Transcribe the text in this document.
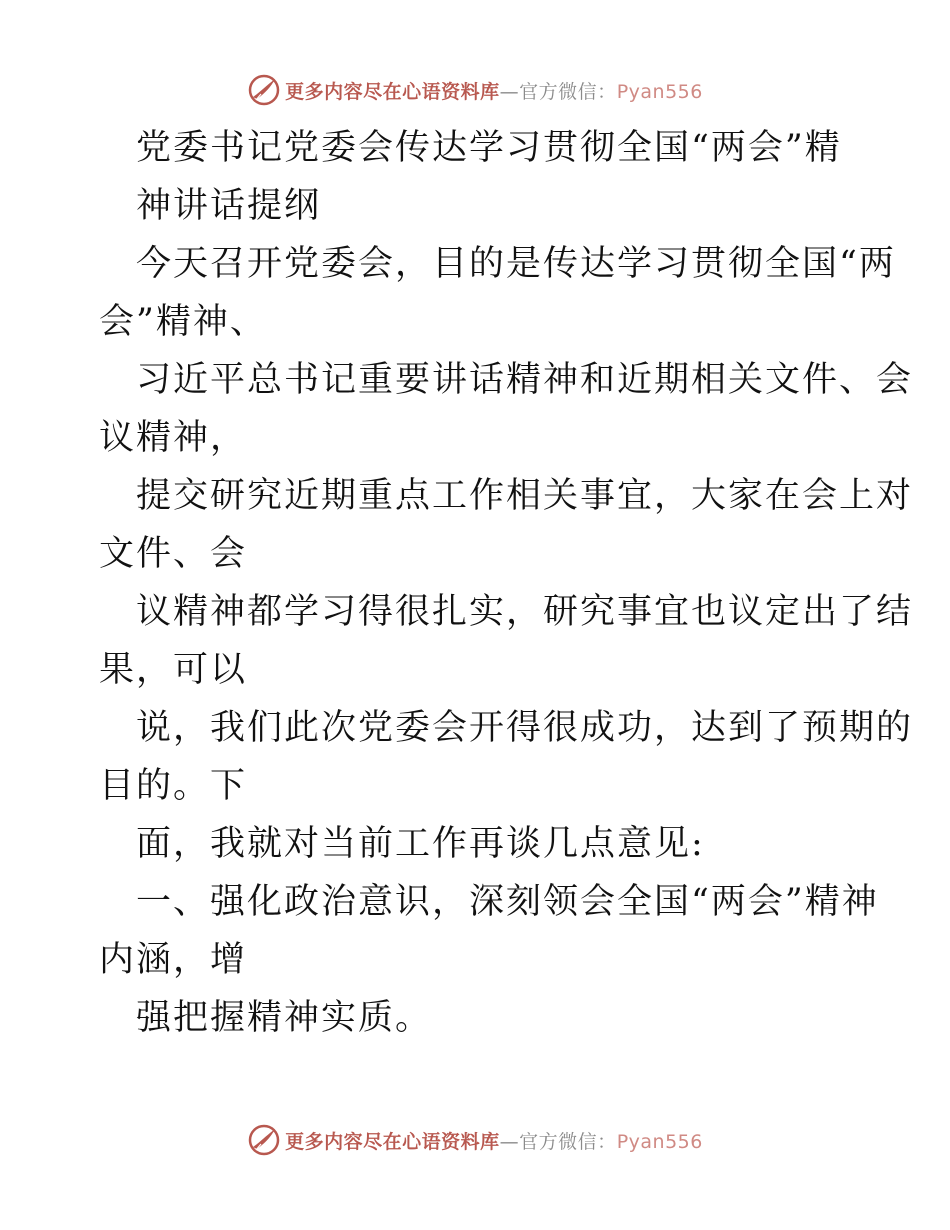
更多内容尽在心语资料库—官方微信：Pyan556
党委书记党委会传达学习贯彻全国“两会”精
神讲话提纲
今天召开党委会，目的是传达学习贯彻全国“两
会”精神、
习近平总书记重要讲话精神和近期相关文件、会
议精神，
提交研究近期重点工作相关事宜，大家在会上对
文件、会
议精神都学习得很扎实，研究事宜也议定出了结
果，可以
说，我们此次党委会开得很成功，达到了预期的
目的。下
面，我就对当前工作再谈几点意见:
一、强化政治意识，深刻领会全国“两会”精神
内涵，增
强把握精神实质。
更多内容尽在心语资料库—官方微信：Pyan556
